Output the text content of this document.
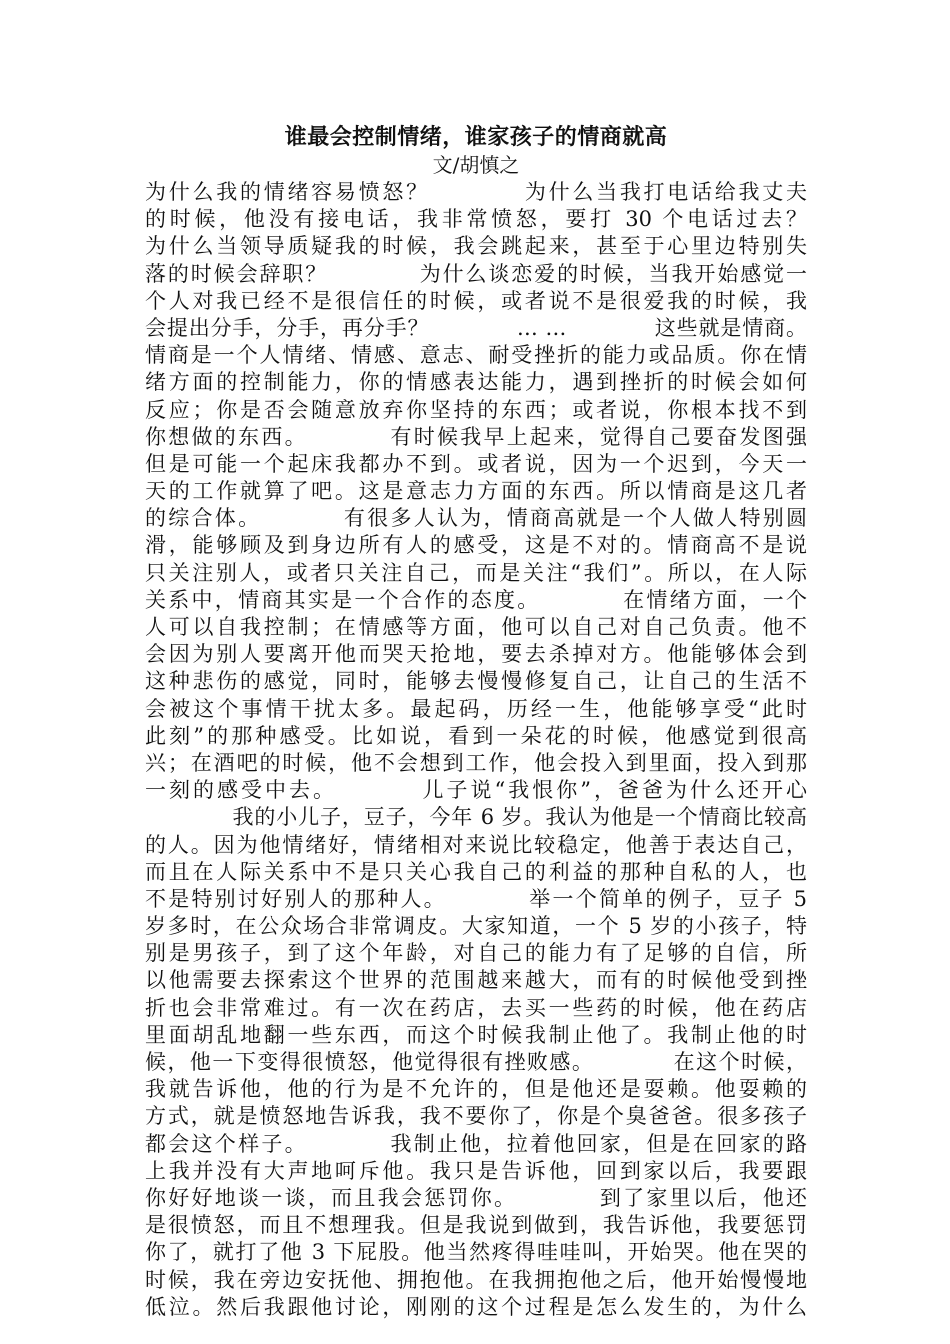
谁最会控制情绪，谁家孩子的情商就高
文/胡慎之
为什么我的情绪容易愤怒？　　　　为什么当我打电话给我丈夫
的时候，他没有接电话，我非常愤怒，要打 30 个电话过去？
为什么当领导质疑我的时候，我会跳起来，甚至于心里边特别失
落的时候会辞职？　　　　为什么谈恋爱的时候，当我开始感觉一
个人对我已经不是很信任的时候，或者说不是很爱我的时候，我
会提出分手，分手，再分手？　　　　… …　　　　这些就是情商。
情商是一个人情绪、情感、意志、耐受挫折的能力或品质。你在情
绪方面的控制能力，你的情感表达能力，遇到挫折的时候会如何
反应；你是否会随意放弃你坚持的东西；或者说，你根本找不到
你想做的东西。　　　　有时候我早上起来，觉得自己要奋发图强
但是可能一个起床我都办不到。或者说，因为一个迟到，今天一
天的工作就算了吧。这是意志力方面的东西。所以情商是这几者
的综合体。　　　　有很多人认为，情商高就是一个人做人特别圆
滑，能够顾及到身边所有人的感受，这是不对的。情商高不是说
只关注别人，或者只关注自己，而是关注“我们”。所以，在人际
关系中，情商其实是一个合作的态度。　　　　在情绪方面，一个
人可以自我控制；在情感等方面，他可以自己对自己负责。他不
会因为别人要离开他而哭天抢地，要去杀掉对方。他能够体会到
这种悲伤的感觉，同时，能够去慢慢修复自己，让自己的生活不
会被这个事情干扰太多。最起码，历经一生，他能够享受“此时
此刻”的那种感受。比如说，看到一朵花的时候，他感觉到很高
兴；在酒吧的时候，他不会想到工作，他会投入到里面，投入到那
一刻的感受中去。　　　　儿子说“我恨你”，爸爸为什么还开心
　　　　我的小儿子，豆子，今年 6 岁。我认为他是一个情商比较高
的人。因为他情绪好，情绪相对来说比较稳定，他善于表达自己，
而且在人际关系中不是只关心我自己的利益的那种自私的人，也
不是特别讨好别人的那种人。　　　　举一个简单的例子，豆子 5
岁多时，在公众场合非常调皮。大家知道，一个 5 岁的小孩子，特
别是男孩子，到了这个年龄，对自己的能力有了足够的自信，所
以他需要去探索这个世界的范围越来越大，而有的时候他受到挫
折也会非常难过。有一次在药店，去买一些药的时候，他在药店
里面胡乱地翻一些东西，而这个时候我制止他了。我制止他的时
候，他一下变得很愤怒，他觉得很有挫败感。　　　　在这个时候，
我就告诉他，他的行为是不允许的，但是他还是耍赖。他耍赖的
方式，就是愤怒地告诉我，我不要你了，你是个臭爸爸。很多孩子
都会这个样子。　　　　我制止他，拉着他回家，但是在回家的路
上我并没有大声地呵斥他。我只是告诉他，回到家以后，我要跟
你好好地谈一谈，而且我会惩罚你。　　　　到了家里以后，他还
是很愤怒，而且不想理我。但是我说到做到，我告诉他，我要惩罚
你了，就打了他 3 下屁股。他当然疼得哇哇叫，开始哭。他在哭的
时候，我在旁边安抚他、拥抱他。在我拥抱他之后，他开始慢慢地
低泣。然后我跟他讨论，刚刚的这个过程是怎么发生的，为什么
